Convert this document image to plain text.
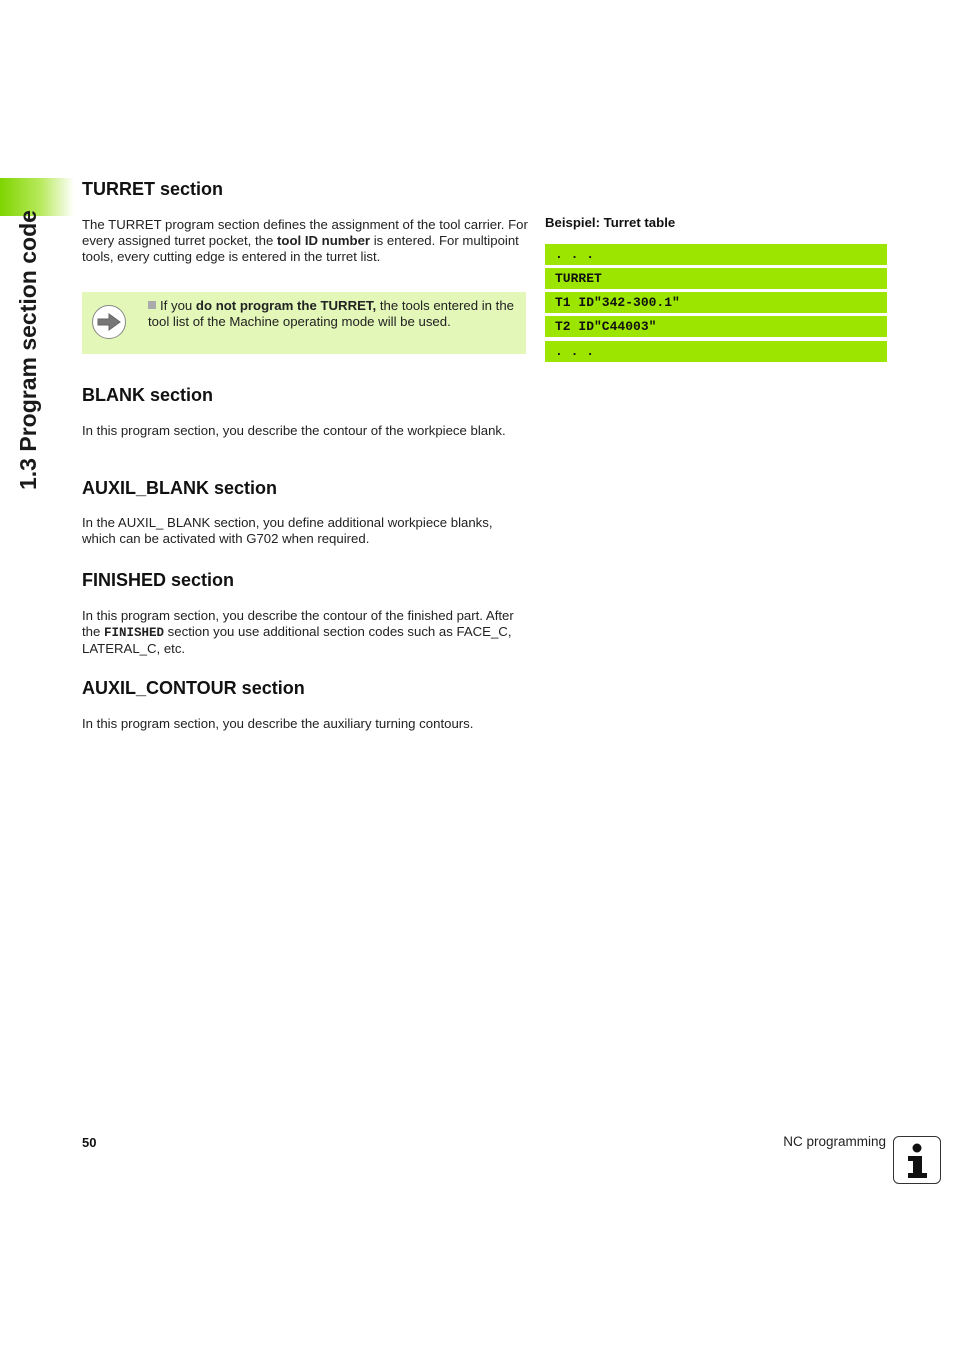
1.3 Program section code
TURRET section

The TURRET program section defines the assignment of the tool carrier. For every assigned turret pocket, the tool ID number is entered. For multipoint tools, every cutting edge is entered in the turret list.

If you do not program the TURRET, the tools entered in the tool list of the Machine operating mode will be used.
BLANK section

In this program section, you describe the contour of the workpiece blank.

AUXIL_BLANK section

In the AUXIL_ BLANK section, you define additional workpiece blanks, which can be activated with G702 when required.

FINISHED section

In this program section, you describe the contour of the finished part. After the FINISHED section you use additional section codes such as FACE_C, LATERAL_C, etc.

AUXIL_CONTOUR section

In this program section, you describe the auxiliary turning contours.

Beispiel: Turret table
. . .
TURRET
T1 ID"342-300.1"
T2 ID"C44003"
. . .
50	NC programming
